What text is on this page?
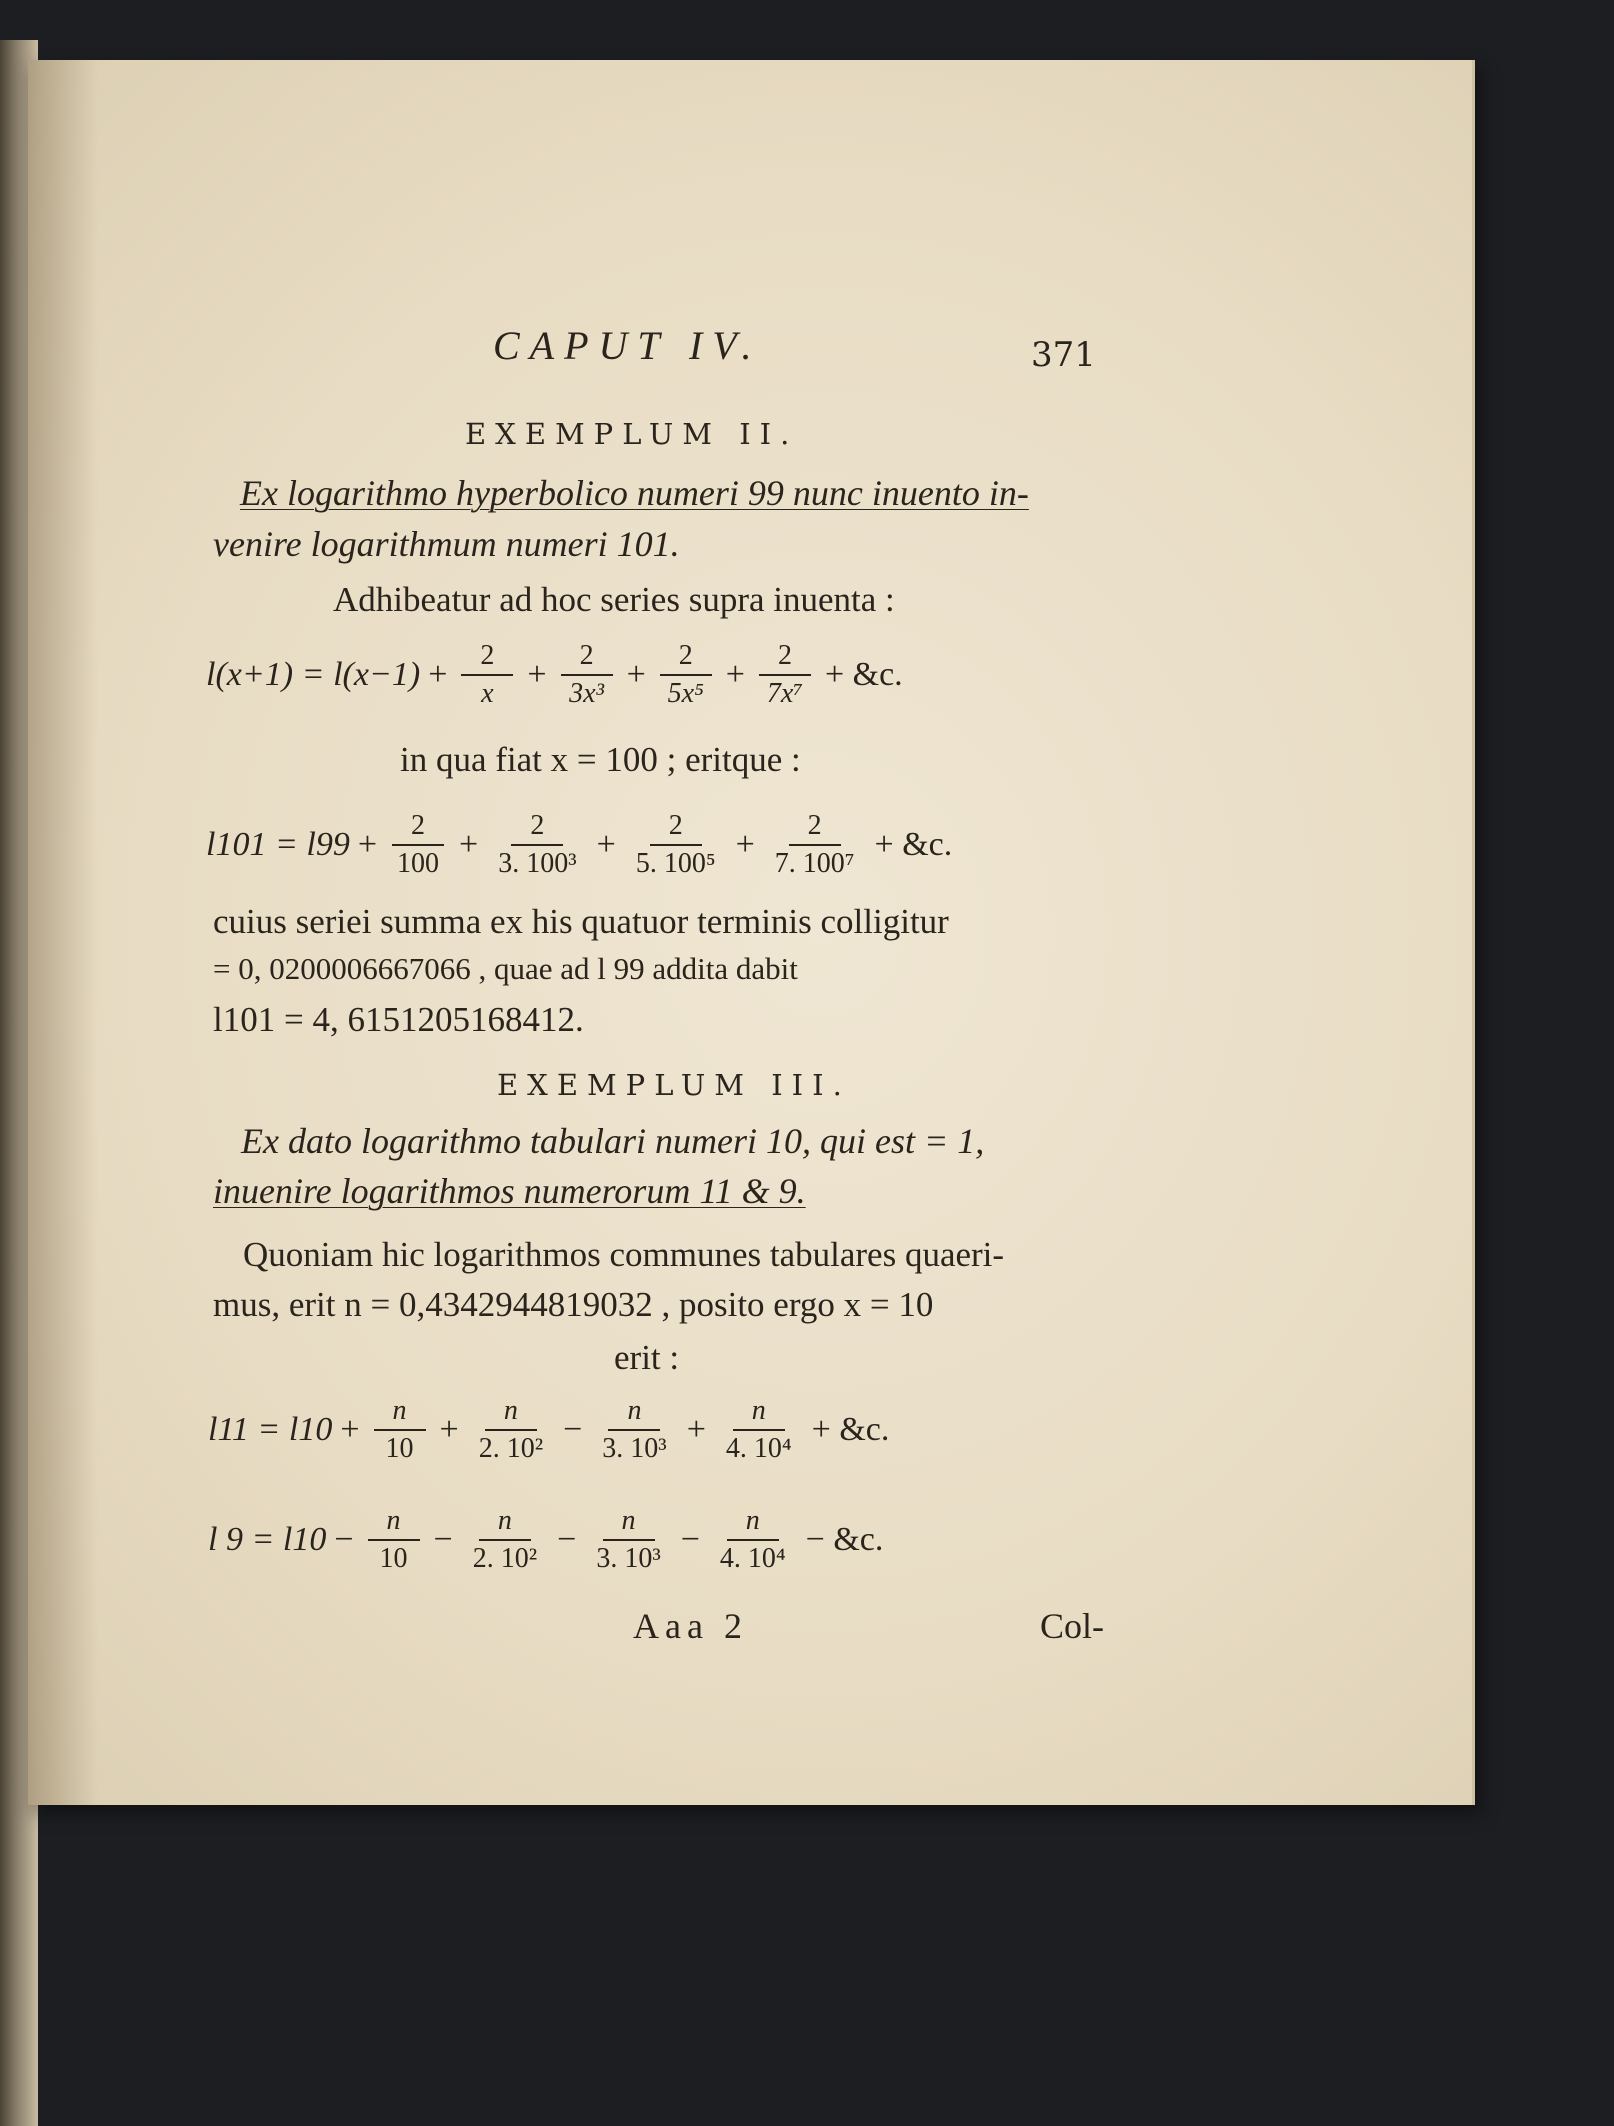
CAPUT IV.	371
EXEMPLUM II.
Ex logarithmo hyperbolico numeri 99 nunc inuento in-
venire logarithmum numeri 101.
Adhibeatur ad hoc series supra inuenta :
$l(x+1) = l(x-1) + \frac{2}{x} + \frac{2}{\text{3x³}} + \frac{2}{\text{5x⁵}} + \frac{2}{\text{7x⁷}}$ + &c.
in qua fiat x = 100 ; eritque :
$l101 = l99 + \frac{2}{100} + \frac{2}{\text{3. 100³}} + \frac{2}{\text{5. 100⁵}} + \frac{2}{\text{7. 100⁷}}$ + &c.
cuius seriei summa ex his quatuor terminis colligitur
= 0, 0200006667066 , quae ad l 99 addita dabit
l101 = 4, 6151205168412.
EXEMPLUM III.
Ex dato logarithmo tabulari numeri 10, qui est = 1,
inuenire logarithmos numerorum 11 & 9.
Quoniam hic logarithmos communes tabulares quaeri-
mus, erit n = 0,4342944819032 , posito ergo x = 10
erit :
$l11 = l10 + \frac{n}{10} + \frac{n}{\text{2. 10²}} - \frac{n}{\text{3. 10³}} + \frac{n}{\text{4. 10⁴}}$ + &c.
l $9 = l10 - \frac{n}{10} - \frac{n}{\text{2. 10²}} - \frac{n}{\text{3. 10³}} - \frac{n}{\text{4. 10⁴}}$ − &c.
Aaa 2	Col-
